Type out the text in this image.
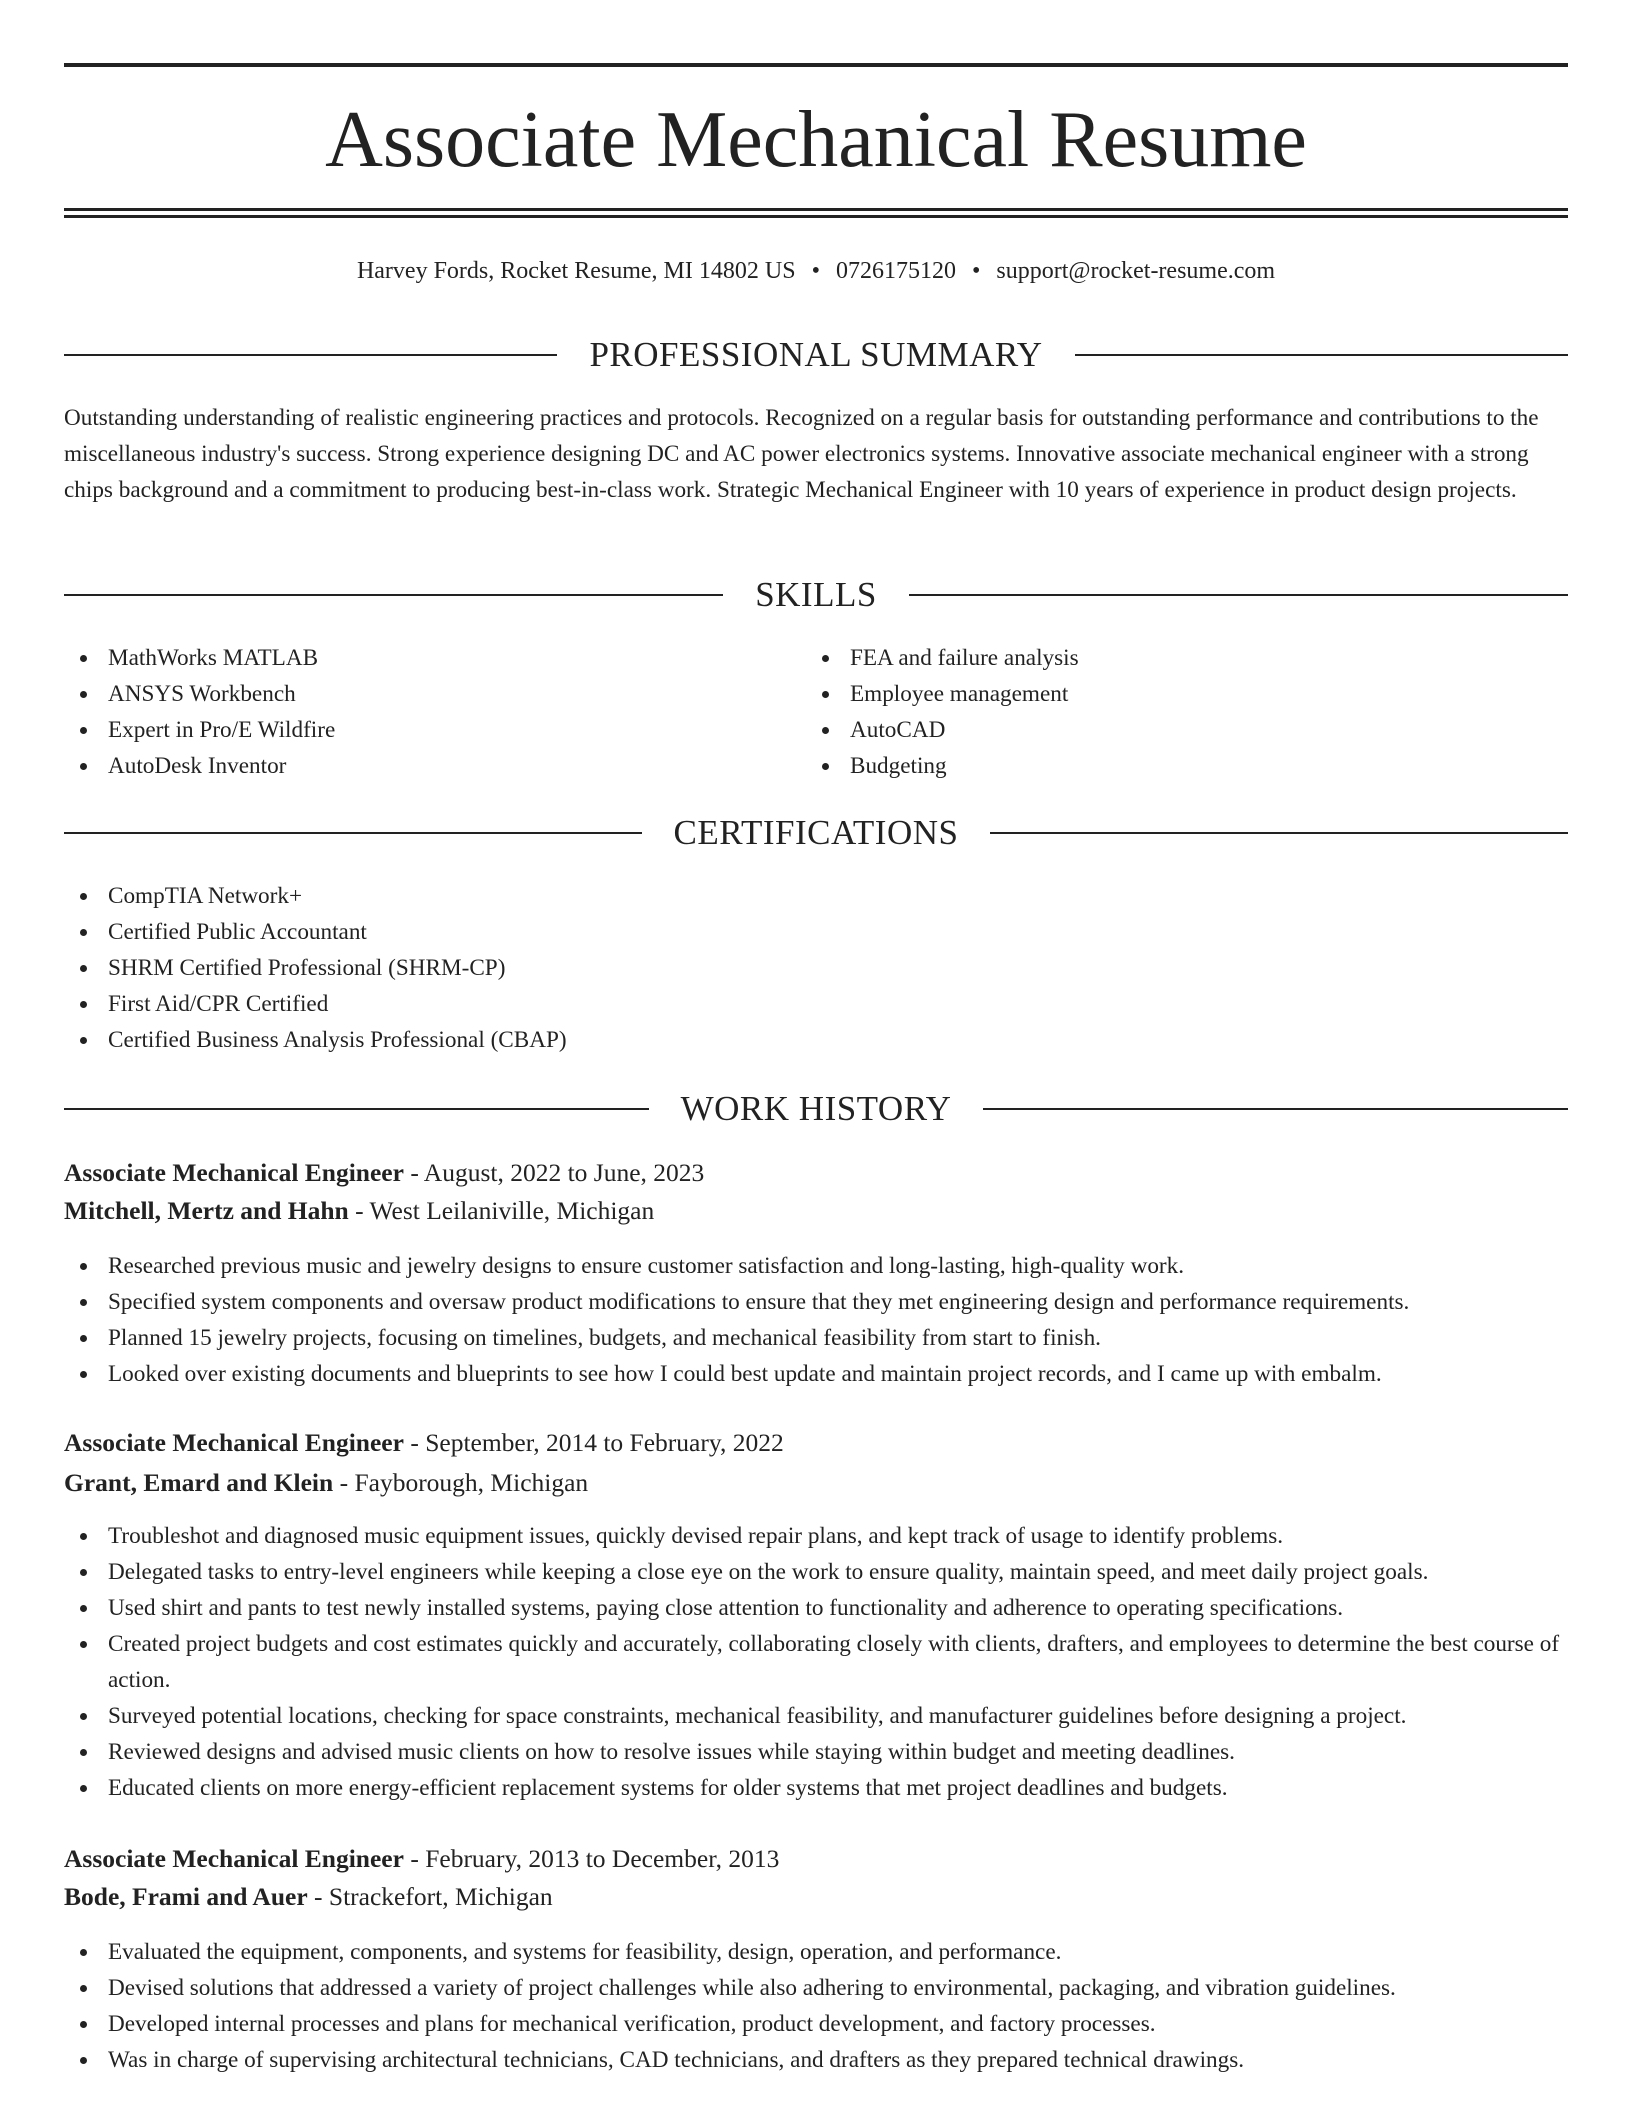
Associate Mechanical Resume
Harvey Fords, Rocket Resume, MI 14802 US • 0726175120 • support@rocket-resume.com
PROFESSIONAL SUMMARY

Outstanding understanding of realistic engineering practices and protocols. Recognized on a regular basis for outstanding performance and contributions to the miscellaneous industry's success. Strong experience designing DC and AC power electronics systems. Innovative associate mechanical engineer with a strong chips background and a commitment to producing best-in-class work. Strategic Mechanical Engineer with 10 years of experience in product design projects.

SKILLS
MathWorks MATLAB
ANSYS Workbench
Expert in Pro/E Wildfire
AutoDesk Inventor
FEA and failure analysis
Employee management
AutoCAD
Budgeting
CERTIFICATIONS
CompTIA Network+
Certified Public Accountant
SHRM Certified Professional (SHRM-CP)
First Aid/CPR Certified
Certified Business Analysis Professional (CBAP)
WORK HISTORY
Associate Mechanical Engineer - August, 2022 to June, 2023
Mitchell, Mertz and Hahn - West Leilaniville, Michigan
Researched previous music and jewelry designs to ensure customer satisfaction and long-lasting, high-quality work.
Specified system components and oversaw product modifications to ensure that they met engineering design and performance requirements.
Planned 15 jewelry projects, focusing on timelines, budgets, and mechanical feasibility from start to finish.
Looked over existing documents and blueprints to see how I could best update and maintain project records, and I came up with embalm.
Associate Mechanical Engineer - September, 2014 to February, 2022
Grant, Emard and Klein - Fayborough, Michigan
Troubleshot and diagnosed music equipment issues, quickly devised repair plans, and kept track of usage to identify problems.
Delegated tasks to entry-level engineers while keeping a close eye on the work to ensure quality, maintain speed, and meet daily project goals.
Used shirt and pants to test newly installed systems, paying close attention to functionality and adherence to operating specifications.
Created project budgets and cost estimates quickly and accurately, collaborating closely with clients, drafters, and employees to determine the best course of action.
Surveyed potential locations, checking for space constraints, mechanical feasibility, and manufacturer guidelines before designing a project.
Reviewed designs and advised music clients on how to resolve issues while staying within budget and meeting deadlines.
Educated clients on more energy-efficient replacement systems for older systems that met project deadlines and budgets.
Associate Mechanical Engineer - February, 2013 to December, 2013
Bode, Frami and Auer - Strackefort, Michigan
Evaluated the equipment, components, and systems for feasibility, design, operation, and performance.
Devised solutions that addressed a variety of project challenges while also adhering to environmental, packaging, and vibration guidelines.
Developed internal processes and plans for mechanical verification, product development, and factory processes.
Was in charge of supervising architectural technicians, CAD technicians, and drafters as they prepared technical drawings.
